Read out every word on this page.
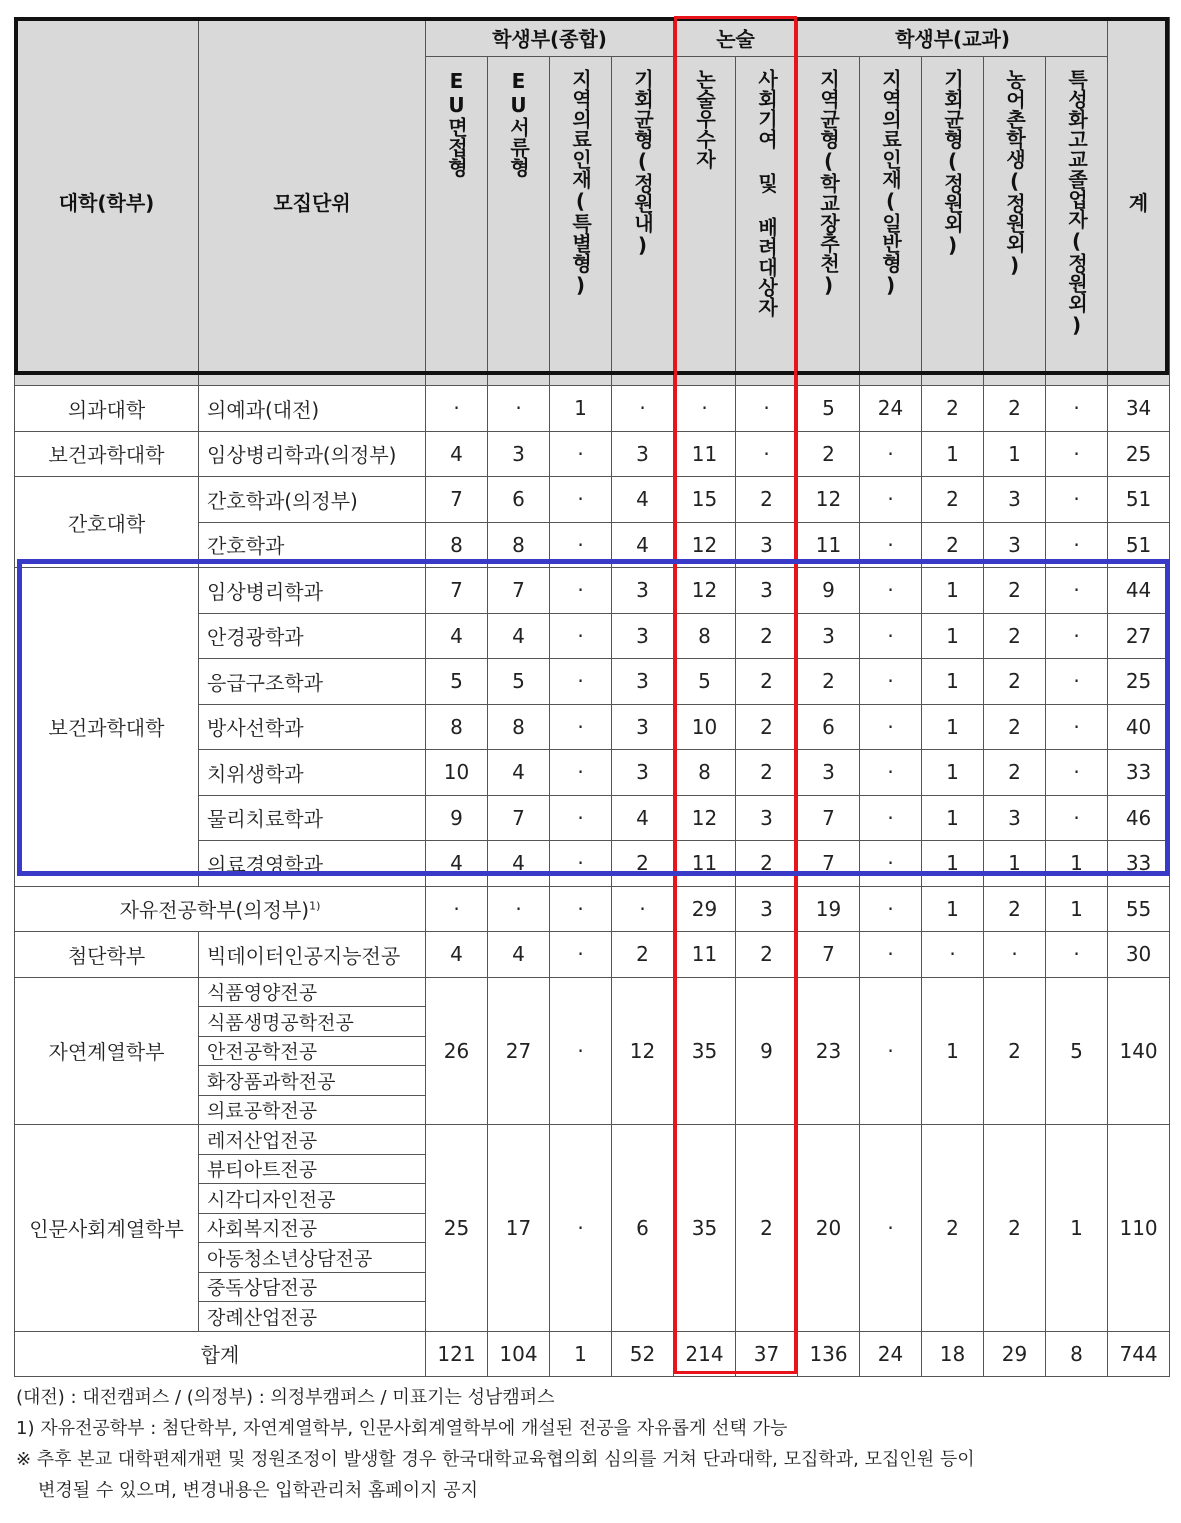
대학(학부)	모집단위	학생부(종합)				논술		학생부(교과)					계
		EU면접형	EU서류형	지역의료인재(특별형)	기회균형(정원내)	논술우수자	사회기여 및 배려대상자	지역균형(학교장추천)	지역의료인재(일반형)	기회균형(정원외)	농어촌학생(정원외)	특성화고교졸업자(정원외)	
의과대학	의예과(대전)	·	·	1	·	·	·	5	24	2	2	·	34
보건과학대학	임상병리학과(의정부)	4	3	·	3	11	·	2	·	1	1	·	25
간호대학	간호학과(의정부)	7	6	·	4	15	2	12	·	2	3	·	51
	간호학과	8	8	·	4	12	3	11	·	2	3	·	51
보건과학대학	임상병리학과	7	7	·	3	12	3	9	·	1	2	·	44
	안경광학과	4	4	·	3	8	2	3	·	1	2	·	27
	응급구조학과	5	5	·	3	5	2	2	·	1	2	·	25
	방사선학과	8	8	·	3	10	2	6	·	1	2	·	40
	치위생학과	10	4	·	3	8	2	3	·	1	2	·	33
	물리치료학과	9	7	·	4	12	3	7	·	1	3	·	46
	의료경영학과	4	4	·	2	11	2	7	·	1	1	1	33
자유전공학부(의정부)$^{1)}$		·	·	·	·	29	3	19	·	1	2	1	55
첨단학부	빅데이터인공지능전공	4	4	·	2	11	2	7	·	·	·	·	30
자연계열학부	식품영양전공	26	27	·	12	35	9	23	·	1	2	5	140
	식품생명공학전공												
	안전공학전공												
	화장품과학전공												
	의료공학전공												
인문사회계열학부	레저산업전공	25	17	·	6	35	2	20	·	2	2	1	110
	뷰티아트전공												
	시각디자인전공												
	사회복지전공												
	아동청소년상담전공												
	중독상담전공												
	장례산업전공												
합계		121	104	1	52	214	37	136	24	18	29	8	744

(대전) : 대전캠퍼스 / (의정부) : 의정부캠퍼스 / 미표기는 성남캠퍼스

1) 자유전공학부 : 첨단학부, 자연계열학부, 인문사회계열학부에 개설된 전공을 자유롭게 선택 가능

※ 추후 본교 대학편제개편 및 정원조정이 발생할 경우 한국대학교육협의회 심의를 거쳐 단과대학, 모집학과, 모집인원 등이

변경될 수 있으며, 변경내용은 입학관리처 홈페이지 공지
